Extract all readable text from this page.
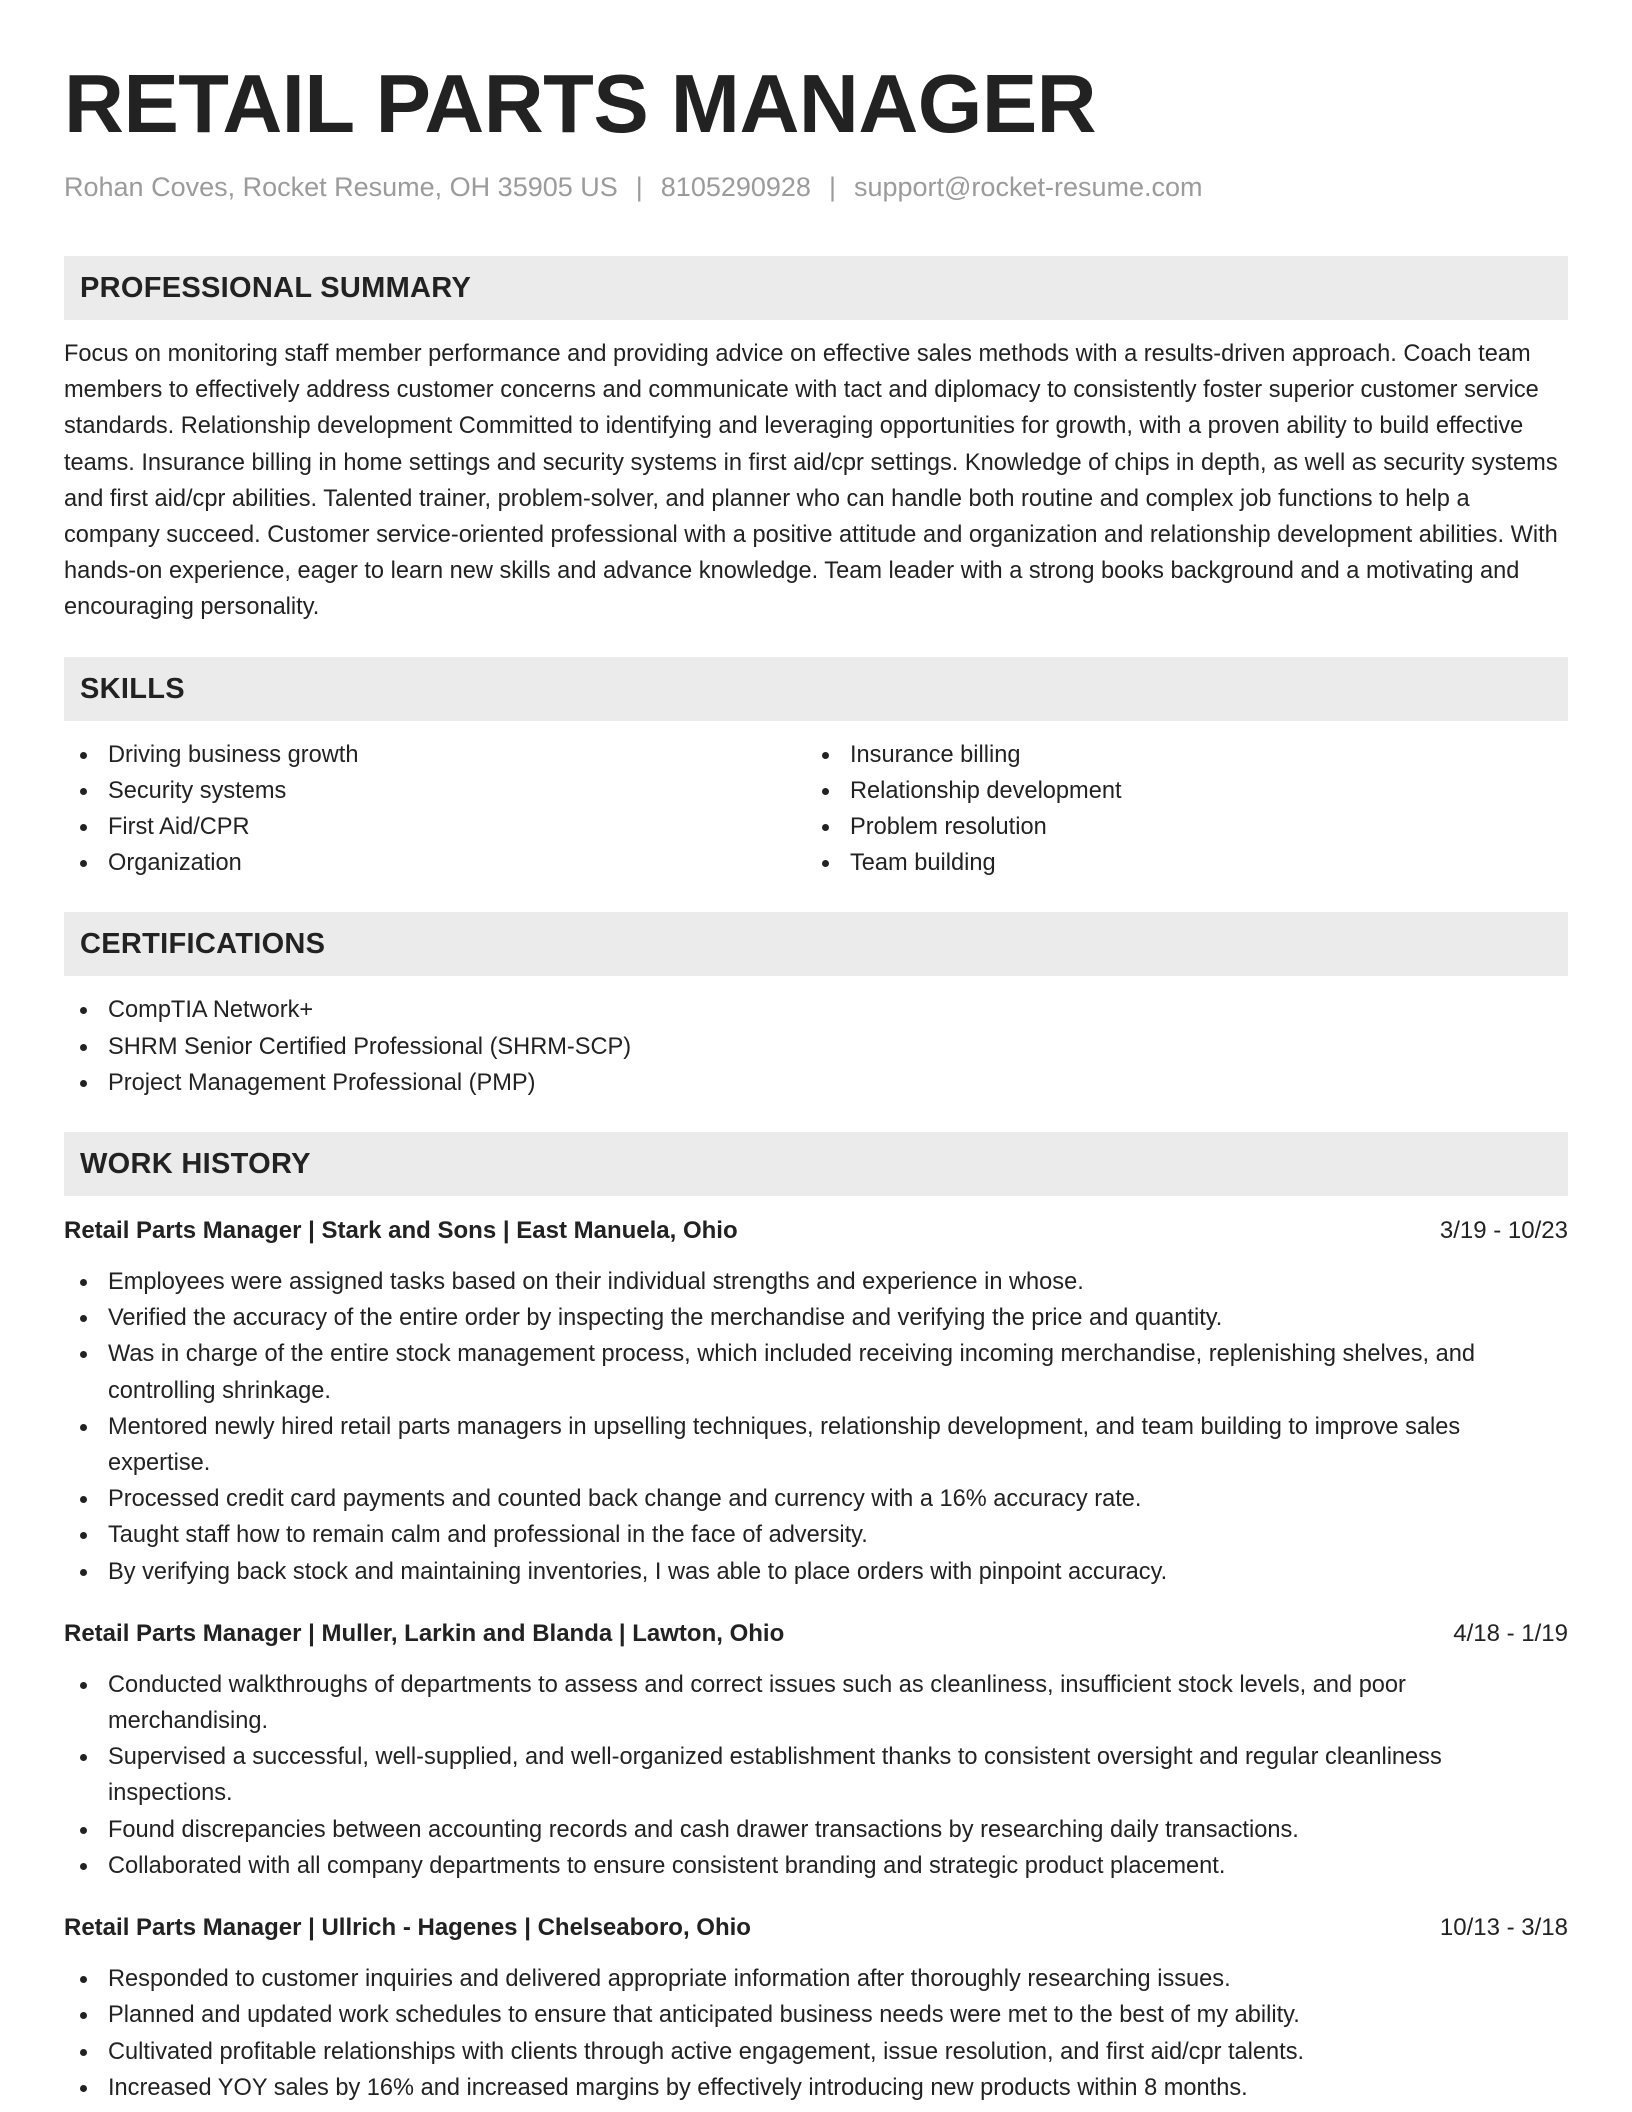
RETAIL PARTS MANAGER
Rohan Coves, Rocket Resume, OH 35905 US | 8105290928 | support@rocket-resume.com
PROFESSIONAL SUMMARY

Focus on monitoring staff member performance and providing advice on effective sales methods with a results-driven approach. Coach team members to effectively address customer concerns and communicate with tact and diplomacy to consistently foster superior customer service standards. Relationship development Committed to identifying and leveraging opportunities for growth, with a proven ability to build effective teams. Insurance billing in home settings and security systems in first aid/cpr settings. Knowledge of chips in depth, as well as security systems and first aid/cpr abilities. Talented trainer, problem-solver, and planner who can handle both routine and complex job functions to help a company succeed. Customer service-oriented professional with a positive attitude and organization and relationship development abilities. With hands-on experience, eager to learn new skills and advance knowledge. Team leader with a strong books background and a motivating and encouraging personality.

SKILLS
Driving business growth
Security systems
First Aid/CPR
Organization
Insurance billing
Relationship development
Problem resolution
Team building
CERTIFICATIONS
CompTIA Network+
SHRM Senior Certified Professional (SHRM-SCP)
Project Management Professional (PMP)
WORK HISTORY
Retail Parts Manager | Stark and Sons | East Manuela, Ohio	3/19 - 10/23
Employees were assigned tasks based on their individual strengths and experience in whose.
Verified the accuracy of the entire order by inspecting the merchandise and verifying the price and quantity.
Was in charge of the entire stock management process, which included receiving incoming merchandise, replenishing shelves, and controlling shrinkage.
Mentored newly hired retail parts managers in upselling techniques, relationship development, and team building to improve sales expertise.
Processed credit card payments and counted back change and currency with a 16% accuracy rate.
Taught staff how to remain calm and professional in the face of adversity.
By verifying back stock and maintaining inventories, I was able to place orders with pinpoint accuracy.
Retail Parts Manager | Muller, Larkin and Blanda | Lawton, Ohio	4/18 - 1/19
Conducted walkthroughs of departments to assess and correct issues such as cleanliness, insufficient stock levels, and poor merchandising.
Supervised a successful, well-supplied, and well-organized establishment thanks to consistent oversight and regular cleanliness inspections.
Found discrepancies between accounting records and cash drawer transactions by researching daily transactions.
Collaborated with all company departments to ensure consistent branding and strategic product placement.
Retail Parts Manager | Ullrich - Hagenes | Chelseaboro, Ohio	10/13 - 3/18
Responded to customer inquiries and delivered appropriate information after thoroughly researching issues.
Planned and updated work schedules to ensure that anticipated business needs were met to the best of my ability.
Cultivated profitable relationships with clients through active engagement, issue resolution, and first aid/cpr talents.
Increased YOY sales by 16% and increased margins by effectively introducing new products within 8 months.
